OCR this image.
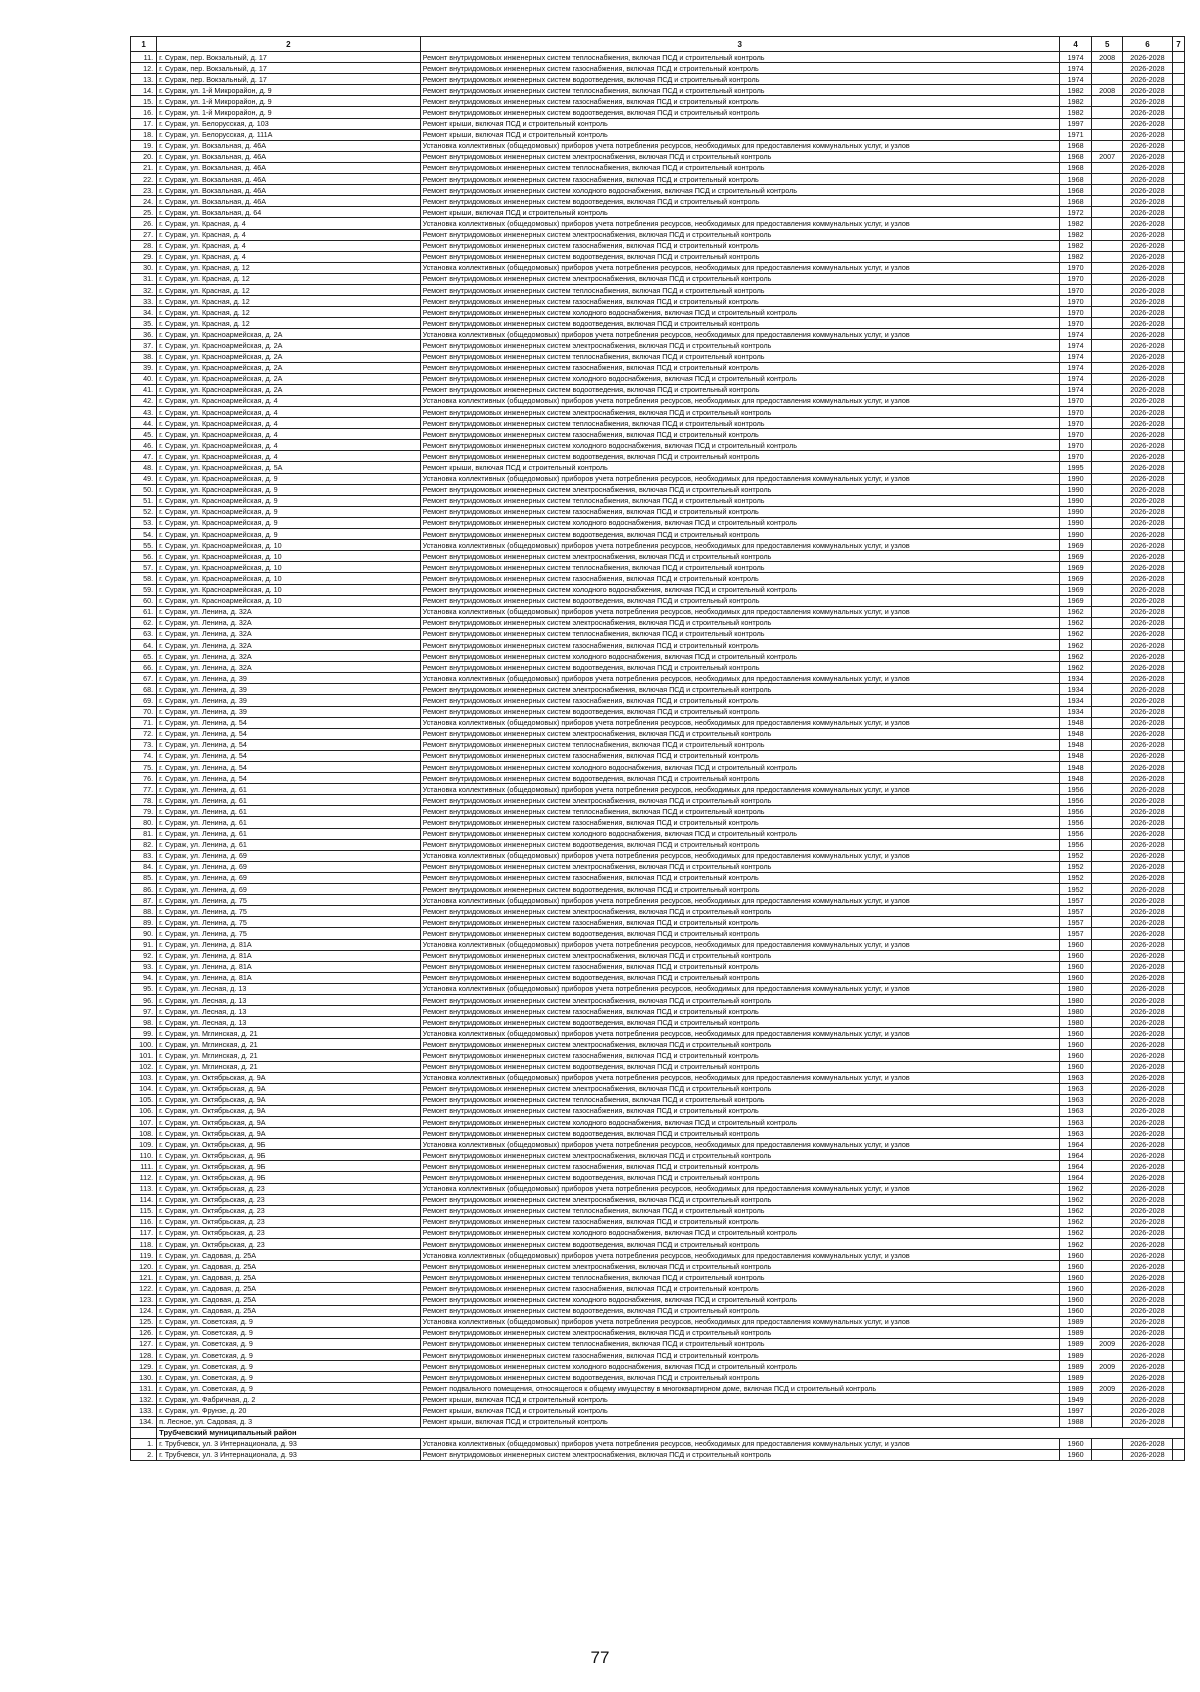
1	2	3	4	5	6	7
11.	г. Сураж, пер. Вокзальный, д. 17	Ремонт внутридомовых инженерных систем теплоснабжения, включая ПСД и строительный контроль	1974	2008	2026-2028	
12.	г. Сураж, пер. Вокзальный, д. 17	Ремонт внутридомовых инженерных систем газоснабжения, включая ПСД и строительный контроль	1974		2026-2028	
13.	г. Сураж, пер. Вокзальный, д. 17	Ремонт внутридомовых инженерных систем водоотведения, включая ПСД и строительный контроль	1974		2026-2028	
14.	г. Сураж, ул. 1-й Микрорайон, д. 9	Ремонт внутридомовых инженерных систем теплоснабжения, включая ПСД и строительный контроль	1982	2008	2026-2028	
15.	г. Сураж, ул. 1-й Микрорайон, д. 9	Ремонт внутридомовых инженерных систем газоснабжения, включая ПСД и строительный контроль	1982		2026-2028	
16.	г. Сураж, ул. 1-й Микрорайон, д. 9	Ремонт внутридомовых инженерных систем водоотведения, включая ПСД и строительный контроль	1982		2026-2028	
17.	г. Сураж, ул. Белорусская, д. 103	Ремонт крыши, включая ПСД и строительный контроль	1997		2026-2028	
18.	г. Сураж, ул. Белорусская, д. 111А	Ремонт крыши, включая ПСД и строительный контроль	1971		2026-2028	
19.	г. Сураж, ул. Вокзальная, д. 46А	Установка коллективных (общедомовых) приборов учета потребления ресурсов, необходимых для предоставления коммунальных услуг, и узлов	1968		2026-2028	
20.	г. Сураж, ул. Вокзальная, д. 46А	Ремонт внутридомовых инженерных систем электроснабжения, включая ПСД и строительный контроль	1968	2007	2026-2028	
21.	г. Сураж, ул. Вокзальная, д. 46А	Ремонт внутридомовых инженерных систем теплоснабжения, включая ПСД и строительный контроль	1968		2026-2028	
22.	г. Сураж, ул. Вокзальная, д. 46А	Ремонт внутридомовых инженерных систем газоснабжения, включая ПСД и строительный контроль	1968		2026-2028	
23.	г. Сураж, ул. Вокзальная, д. 46А	Ремонт внутридомовых инженерных систем холодного водоснабжения, включая ПСД и строительный контроль	1968		2026-2028	
24.	г. Сураж, ул. Вокзальная, д. 46А	Ремонт внутридомовых инженерных систем водоотведения, включая ПСД и строительный контроль	1968		2026-2028	
25.	г. Сураж, ул. Вокзальная, д. 64	Ремонт крыши, включая ПСД и строительный контроль	1972		2026-2028	
26.	г. Сураж, ул. Красная, д. 4	Установка коллективных (общедомовых) приборов учета потребления ресурсов, необходимых для предоставления коммунальных услуг, и узлов	1982		2026-2028	
27.	г. Сураж, ул. Красная, д. 4	Ремонт внутридомовых инженерных систем электроснабжения, включая ПСД и строительный контроль	1982		2026-2028	
28.	г. Сураж, ул. Красная, д. 4	Ремонт внутридомовых инженерных систем газоснабжения, включая ПСД и строительный контроль	1982		2026-2028	
29.	г. Сураж, ул. Красная, д. 4	Ремонт внутридомовых инженерных систем водоотведения, включая ПСД и строительный контроль	1982		2026-2028	
30.	г. Сураж, ул. Красная, д. 12	Установка коллективных (общедомовых) приборов учета потребления ресурсов, необходимых для предоставления коммунальных услуг, и узлов	1970		2026-2028	
31.	г. Сураж, ул. Красная, д. 12	Ремонт внутридомовых инженерных систем электроснабжения, включая ПСД и строительный контроль	1970		2026-2028	
32.	г. Сураж, ул. Красная, д. 12	Ремонт внутридомовых инженерных систем теплоснабжения, включая ПСД и строительный контроль	1970		2026-2028	
33.	г. Сураж, ул. Красная, д. 12	Ремонт внутридомовых инженерных систем газоснабжения, включая ПСД и строительный контроль	1970		2026-2028	
34.	г. Сураж, ул. Красная, д. 12	Ремонт внутридомовых инженерных систем холодного водоснабжения, включая ПСД и строительный контроль	1970		2026-2028	
35.	г. Сураж, ул. Красная, д. 12	Ремонт внутридомовых инженерных систем водоотведения, включая ПСД и строительный контроль	1970		2026-2028	
36.	г. Сураж, ул. Красноармейская, д. 2А	Установка коллективных (общедомовых) приборов учета потребления ресурсов, необходимых для предоставления коммунальных услуг, и узлов	1974		2026-2028	
37.	г. Сураж, ул. Красноармейская, д. 2А	Ремонт внутридомовых инженерных систем электроснабжения, включая ПСД и строительный контроль	1974		2026-2028	
38.	г. Сураж, ул. Красноармейская, д. 2А	Ремонт внутридомовых инженерных систем теплоснабжения, включая ПСД и строительный контроль	1974		2026-2028	
39.	г. Сураж, ул. Красноармейская, д. 2А	Ремонт внутридомовых инженерных систем газоснабжения, включая ПСД и строительный контроль	1974		2026-2028	
40.	г. Сураж, ул. Красноармейская, д. 2А	Ремонт внутридомовых инженерных систем холодного водоснабжения, включая ПСД и строительный контроль	1974		2026-2028	
41.	г. Сураж, ул. Красноармейская, д. 2А	Ремонт внутридомовых инженерных систем водоотведения, включая ПСД и строительный контроль	1974		2026-2028	
42.	г. Сураж, ул. Красноармейская, д. 4	Установка коллективных (общедомовых) приборов учета потребления ресурсов, необходимых для предоставления коммунальных услуг, и узлов	1970		2026-2028	
43.	г. Сураж, ул. Красноармейская, д. 4	Ремонт внутридомовых инженерных систем электроснабжения, включая ПСД и строительный контроль	1970		2026-2028	
44.	г. Сураж, ул. Красноармейская, д. 4	Ремонт внутридомовых инженерных систем теплоснабжения, включая ПСД и строительный контроль	1970		2026-2028	
45.	г. Сураж, ул. Красноармейская, д. 4	Ремонт внутридомовых инженерных систем газоснабжения, включая ПСД и строительный контроль	1970		2026-2028	
46.	г. Сураж, ул. Красноармейская, д. 4	Ремонт внутридомовых инженерных систем холодного водоснабжения, включая ПСД и строительный контроль	1970		2026-2028	
47.	г. Сураж, ул. Красноармейская, д. 4	Ремонт внутридомовых инженерных систем водоотведения, включая ПСД и строительный контроль	1970		2026-2028	
48.	г. Сураж, ул. Красноармейская, д. 5А	Ремонт крыши, включая ПСД и строительный контроль	1995		2026-2028	
49.	г. Сураж, ул. Красноармейская, д. 9	Установка коллективных (общедомовых) приборов учета потребления ресурсов, необходимых для предоставления коммунальных услуг, и узлов	1990		2026-2028	
50.	г. Сураж, ул. Красноармейская, д. 9	Ремонт внутридомовых инженерных систем электроснабжения, включая ПСД и строительный контроль	1990		2026-2028	
51.	г. Сураж, ул. Красноармейская, д. 9	Ремонт внутридомовых инженерных систем теплоснабжения, включая ПСД и строительный контроль	1990		2026-2028	
52.	г. Сураж, ул. Красноармейская, д. 9	Ремонт внутридомовых инженерных систем газоснабжения, включая ПСД и строительный контроль	1990		2026-2028	
53.	г. Сураж, ул. Красноармейская, д. 9	Ремонт внутридомовых инженерных систем холодного водоснабжения, включая ПСД и строительный контроль	1990		2026-2028	
54.	г. Сураж, ул. Красноармейская, д. 9	Ремонт внутридомовых инженерных систем водоотведения, включая ПСД и строительный контроль	1990		2026-2028	
55.	г. Сураж, ул. Красноармейская, д. 10	Установка коллективных (общедомовых) приборов учета потребления ресурсов, необходимых для предоставления коммунальных услуг, и узлов	1969		2026-2028	
56.	г. Сураж, ул. Красноармейская, д. 10	Ремонт внутридомовых инженерных систем электроснабжения, включая ПСД и строительный контроль	1969		2026-2028	
57.	г. Сураж, ул. Красноармейская, д. 10	Ремонт внутридомовых инженерных систем теплоснабжения, включая ПСД и строительный контроль	1969		2026-2028	
58.	г. Сураж, ул. Красноармейская, д. 10	Ремонт внутридомовых инженерных систем газоснабжения, включая ПСД и строительный контроль	1969		2026-2028	
59.	г. Сураж, ул. Красноармейская, д. 10	Ремонт внутридомовых инженерных систем холодного водоснабжения, включая ПСД и строительный контроль	1969		2026-2028	
60.	г. Сураж, ул. Красноармейская, д. 10	Ремонт внутридомовых инженерных систем водоотведения, включая ПСД и строительный контроль	1969		2026-2028	
61.	г. Сураж, ул. Ленина, д. 32А	Установка коллективных (общедомовых) приборов учета потребления ресурсов, необходимых для предоставления коммунальных услуг, и узлов	1962		2026-2028	
62.	г. Сураж, ул. Ленина, д. 32А	Ремонт внутридомовых инженерных систем электроснабжения, включая ПСД и строительный контроль	1962		2026-2028	
63.	г. Сураж, ул. Ленина, д. 32А	Ремонт внутридомовых инженерных систем теплоснабжения, включая ПСД и строительный контроль	1962		2026-2028	
64.	г. Сураж, ул. Ленина, д. 32А	Ремонт внутридомовых инженерных систем газоснабжения, включая ПСД и строительный контроль	1962		2026-2028	
65.	г. Сураж, ул. Ленина, д. 32А	Ремонт внутридомовых инженерных систем холодного водоснабжения, включая ПСД и строительный контроль	1962		2026-2028	
66.	г. Сураж, ул. Ленина, д. 32А	Ремонт внутридомовых инженерных систем водоотведения, включая ПСД и строительный контроль	1962		2026-2028	
67.	г. Сураж, ул. Ленина, д. 39	Установка коллективных (общедомовых) приборов учета потребления ресурсов, необходимых для предоставления коммунальных услуг, и узлов	1934		2026-2028	
68.	г. Сураж, ул. Ленина, д. 39	Ремонт внутридомовых инженерных систем электроснабжения, включая ПСД и строительный контроль	1934		2026-2028	
69.	г. Сураж, ул. Ленина, д. 39	Ремонт внутридомовых инженерных систем газоснабжения, включая ПСД и строительный контроль	1934		2026-2028	
70.	г. Сураж, ул. Ленина, д. 39	Ремонт внутридомовых инженерных систем водоотведения, включая ПСД и строительный контроль	1934		2026-2028	
71.	г. Сураж, ул. Ленина, д. 54	Установка коллективных (общедомовых) приборов учета потребления ресурсов, необходимых для предоставления коммунальных услуг, и узлов	1948		2026-2028	
72.	г. Сураж, ул. Ленина, д. 54	Ремонт внутридомовых инженерных систем электроснабжения, включая ПСД и строительный контроль	1948		2026-2028	
73.	г. Сураж, ул. Ленина, д. 54	Ремонт внутридомовых инженерных систем теплоснабжения, включая ПСД и строительный контроль	1948		2026-2028	
74.	г. Сураж, ул. Ленина, д. 54	Ремонт внутридомовых инженерных систем газоснабжения, включая ПСД и строительный контроль	1948		2026-2028	
75.	г. Сураж, ул. Ленина, д. 54	Ремонт внутридомовых инженерных систем холодного водоснабжения, включая ПСД и строительный контроль	1948		2026-2028	
76.	г. Сураж, ул. Ленина, д. 54	Ремонт внутридомовых инженерных систем водоотведения, включая ПСД и строительный контроль	1948		2026-2028	
77.	г. Сураж, ул. Ленина, д. 61	Установка коллективных (общедомовых) приборов учета потребления ресурсов, необходимых для предоставления коммунальных услуг, и узлов	1956		2026-2028	
78.	г. Сураж, ул. Ленина, д. 61	Ремонт внутридомовых инженерных систем электроснабжения, включая ПСД и строительный контроль	1956		2026-2028	
79.	г. Сураж, ул. Ленина, д. 61	Ремонт внутридомовых инженерных систем теплоснабжения, включая ПСД и строительный контроль	1956		2026-2028	
80.	г. Сураж, ул. Ленина, д. 61	Ремонт внутридомовых инженерных систем газоснабжения, включая ПСД и строительный контроль	1956		2026-2028	
81.	г. Сураж, ул. Ленина, д. 61	Ремонт внутридомовых инженерных систем холодного водоснабжения, включая ПСД и строительный контроль	1956		2026-2028	
82.	г. Сураж, ул. Ленина, д. 61	Ремонт внутридомовых инженерных систем водоотведения, включая ПСД и строительный контроль	1956		2026-2028	
83.	г. Сураж, ул. Ленина, д. 69	Установка коллективных (общедомовых) приборов учета потребления ресурсов, необходимых для предоставления коммунальных услуг, и узлов	1952		2026-2028	
84.	г. Сураж, ул. Ленина, д. 69	Ремонт внутридомовых инженерных систем электроснабжения, включая ПСД и строительный контроль	1952		2026-2028	
85.	г. Сураж, ул. Ленина, д. 69	Ремонт внутридомовых инженерных систем газоснабжения, включая ПСД и строительный контроль	1952		2026-2028	
86.	г. Сураж, ул. Ленина, д. 69	Ремонт внутридомовых инженерных систем водоотведения, включая ПСД и строительный контроль	1952		2026-2028	
87.	г. Сураж, ул. Ленина, д. 75	Установка коллективных (общедомовых) приборов учета потребления ресурсов, необходимых для предоставления коммунальных услуг, и узлов	1957		2026-2028	
88.	г. Сураж, ул. Ленина, д. 75	Ремонт внутридомовых инженерных систем электроснабжения, включая ПСД и строительный контроль	1957		2026-2028	
89.	г. Сураж, ул. Ленина, д. 75	Ремонт внутридомовых инженерных систем газоснабжения, включая ПСД и строительный контроль	1957		2026-2028	
90.	г. Сураж, ул. Ленина, д. 75	Ремонт внутридомовых инженерных систем водоотведения, включая ПСД и строительный контроль	1957		2026-2028	
91.	г. Сураж, ул. Ленина, д. 81А	Установка коллективных (общедомовых) приборов учета потребления ресурсов, необходимых для предоставления коммунальных услуг, и узлов	1960		2026-2028	
92.	г. Сураж, ул. Ленина, д. 81А	Ремонт внутридомовых инженерных систем электроснабжения, включая ПСД и строительный контроль	1960		2026-2028	
93.	г. Сураж, ул. Ленина, д. 81А	Ремонт внутридомовых инженерных систем газоснабжения, включая ПСД и строительный контроль	1960		2026-2028	
94.	г. Сураж, ул. Ленина, д. 81А	Ремонт внутридомовых инженерных систем водоотведения, включая ПСД и строительный контроль	1960		2026-2028	
95.	г. Сураж, ул. Лесная, д. 13	Установка коллективных (общедомовых) приборов учета потребления ресурсов, необходимых для предоставления коммунальных услуг, и узлов	1980		2026-2028	
96.	г. Сураж, ул. Лесная, д. 13	Ремонт внутридомовых инженерных систем электроснабжения, включая ПСД и строительный контроль	1980		2026-2028	
97.	г. Сураж, ул. Лесная, д. 13	Ремонт внутридомовых инженерных систем газоснабжения, включая ПСД и строительный контроль	1980		2026-2028	
98.	г. Сураж, ул. Лесная, д. 13	Ремонт внутридомовых инженерных систем водоотведения, включая ПСД и строительный контроль	1980		2026-2028	
99.	г. Сураж, ул. Мглинская, д. 21	Установка коллективных (общедомовых) приборов учета потребления ресурсов, необходимых для предоставления коммунальных услуг, и узлов	1960		2026-2028	
100.	г. Сураж, ул. Мглинская, д. 21	Ремонт внутридомовых инженерных систем электроснабжения, включая ПСД и строительный контроль	1960		2026-2028	
101.	г. Сураж, ул. Мглинская, д. 21	Ремонт внутридомовых инженерных систем газоснабжения, включая ПСД и строительный контроль	1960		2026-2028	
102.	г. Сураж, ул. Мглинская, д. 21	Ремонт внутридомовых инженерных систем водоотведения, включая ПСД и строительный контроль	1960		2026-2028	
103.	г. Сураж, ул. Октябрьская, д. 9А	Установка коллективных (общедомовых) приборов учета потребления ресурсов, необходимых для предоставления коммунальных услуг, и узлов	1963		2026-2028	
104.	г. Сураж, ул. Октябрьская, д. 9А	Ремонт внутридомовых инженерных систем электроснабжения, включая ПСД и строительный контроль	1963		2026-2028	
105.	г. Сураж, ул. Октябрьская, д. 9А	Ремонт внутридомовых инженерных систем теплоснабжения, включая ПСД и строительный контроль	1963		2026-2028	
106.	г. Сураж, ул. Октябрьская, д. 9А	Ремонт внутридомовых инженерных систем газоснабжения, включая ПСД и строительный контроль	1963		2026-2028	
107.	г. Сураж, ул. Октябрьская, д. 9А	Ремонт внутридомовых инженерных систем холодного водоснабжения, включая ПСД и строительный контроль	1963		2026-2028	
108.	г. Сураж, ул. Октябрьская, д. 9А	Ремонт внутридомовых инженерных систем водоотведения, включая ПСД и строительный контроль	1963		2026-2028	
109.	г. Сураж, ул. Октябрьская, д. 9Б	Установка коллективных (общедомовых) приборов учета потребления ресурсов, необходимых для предоставления коммунальных услуг, и узлов	1964		2026-2028	
110.	г. Сураж, ул. Октябрьская, д. 9Б	Ремонт внутридомовых инженерных систем электроснабжения, включая ПСД и строительный контроль	1964		2026-2028	
111.	г. Сураж, ул. Октябрьская, д. 9Б	Ремонт внутридомовых инженерных систем газоснабжения, включая ПСД и строительный контроль	1964		2026-2028	
112.	г. Сураж, ул. Октябрьская, д. 9Б	Ремонт внутридомовых инженерных систем водоотведения, включая ПСД и строительный контроль	1964		2026-2028	
113.	г. Сураж, ул. Октябрьская, д. 23	Установка коллективных (общедомовых) приборов учета потребления ресурсов, необходимых для предоставления коммунальных услуг, и узлов	1962		2026-2028	
114.	г. Сураж, ул. Октябрьская, д. 23	Ремонт внутридомовых инженерных систем электроснабжения, включая ПСД и строительный контроль	1962		2026-2028	
115.	г. Сураж, ул. Октябрьская, д. 23	Ремонт внутридомовых инженерных систем теплоснабжения, включая ПСД и строительный контроль	1962		2026-2028	
116.	г. Сураж, ул. Октябрьская, д. 23	Ремонт внутридомовых инженерных систем газоснабжения, включая ПСД и строительный контроль	1962		2026-2028	
117.	г. Сураж, ул. Октябрьская, д. 23	Ремонт внутридомовых инженерных систем холодного водоснабжения, включая ПСД и строительный контроль	1962		2026-2028	
118.	г. Сураж, ул. Октябрьская, д. 23	Ремонт внутридомовых инженерных систем водоотведения, включая ПСД и строительный контроль	1962		2026-2028	
119.	г. Сураж, ул. Садовая, д. 25А	Установка коллективных (общедомовых) приборов учета потребления ресурсов, необходимых для предоставления коммунальных услуг, и узлов	1960		2026-2028	
120.	г. Сураж, ул. Садовая, д. 25А	Ремонт внутридомовых инженерных систем электроснабжения, включая ПСД и строительный контроль	1960		2026-2028	
121.	г. Сураж, ул. Садовая, д. 25А	Ремонт внутридомовых инженерных систем теплоснабжения, включая ПСД и строительный контроль	1960		2026-2028	
122.	г. Сураж, ул. Садовая, д. 25А	Ремонт внутридомовых инженерных систем газоснабжения, включая ПСД и строительный контроль	1960		2026-2028	
123.	г. Сураж, ул. Садовая, д. 25А	Ремонт внутридомовых инженерных систем холодного водоснабжения, включая ПСД и строительный контроль	1960		2026-2028	
124.	г. Сураж, ул. Садовая, д. 25А	Ремонт внутридомовых инженерных систем водоотведения, включая ПСД и строительный контроль	1960		2026-2028	
125.	г. Сураж, ул. Советская, д. 9	Установка коллективных (общедомовых) приборов учета потребления ресурсов, необходимых для предоставления коммунальных услуг, и узлов	1989		2026-2028	
126.	г. Сураж, ул. Советская, д. 9	Ремонт внутридомовых инженерных систем электроснабжения, включая ПСД и строительный контроль	1989		2026-2028	
127.	г. Сураж, ул. Советская, д. 9	Ремонт внутридомовых инженерных систем теплоснабжения, включая ПСД и строительный контроль	1989	2009	2026-2028	
128.	г. Сураж, ул. Советская, д. 9	Ремонт внутридомовых инженерных систем газоснабжения, включая ПСД и строительный контроль	1989		2026-2028	
129.	г. Сураж, ул. Советская, д. 9	Ремонт внутридомовых инженерных систем холодного водоснабжения, включая ПСД и строительный контроль	1989	2009	2026-2028	
130.	г. Сураж, ул. Советская, д. 9	Ремонт внутридомовых инженерных систем водоотведения, включая ПСД и строительный контроль	1989		2026-2028	
131.	г. Сураж, ул. Советская, д. 9	Ремонт подвального помещения, относящегося к общему имуществу в многоквартирном доме, включая ПСД и строительный контроль	1989	2009	2026-2028	
132.	г. Сураж, ул. Фабричная, д. 2	Ремонт крыши, включая ПСД и строительный контроль	1949		2026-2028	
133.	г. Сураж, ул. Фрунзе, д. 20	Ремонт крыши, включая ПСД и строительный контроль	1997		2026-2028	
134.	п. Лесное, ул. Садовая, д. 3	Ремонт крыши, включая ПСД и строительный контроль	1988		2026-2028	
	Трубчевский муниципальный район					
1.	г. Трубчевск, ул. 3 Интернационала, д. 93	Установка коллективных (общедомовых) приборов учета потребления ресурсов, необходимых для предоставления коммунальных услуг, и узлов	1960		2026-2028	
2.	г. Трубчевск, ул. 3 Интернационала, д. 93	Ремонт внутридомовых инженерных систем электроснабжения, включая ПСД и строительный контроль	1960		2026-2028	
77
